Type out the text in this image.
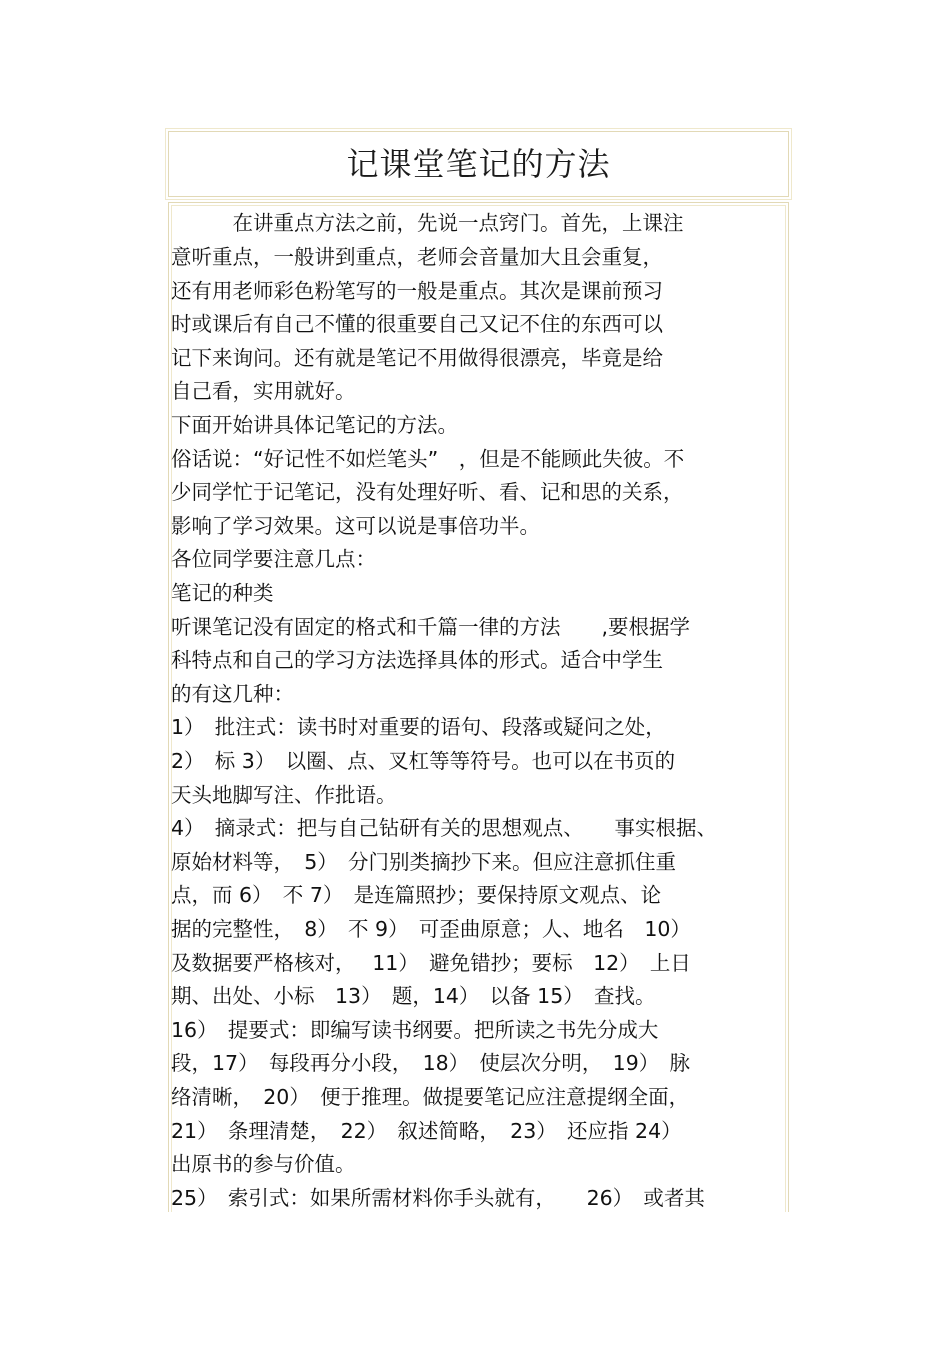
记课堂笔记的方法
　　　在讲重点方法之前，先说一点窍门。首先，上课注
意听重点，一般讲到重点，老师会音量加大且会重复，
还有用老师彩色粉笔写的一般是重点。其次是课前预习
时或课后有自己不懂的很重要自己又记不住的东西可以
记下来询问。还有就是笔记不用做得很漂亮，毕竟是给
自己看，实用就好。
下面开始讲具体记笔记的方法。
俗话说：“好记性不如烂笔头”　，但是不能顾此失彼。不
少同学忙于记笔记，没有处理好听、看、记和思的关系，
影响了学习效果。这可以说是事倍功半。
各位同学要注意几点：
笔记的种类
听课笔记没有固定的格式和千篇一律的方法　　,要根据学
科特点和自己的学习方法选择具体的形式。适合中学生
的有这几种：
1）　批注式：读书时对重要的语句、段落或疑问之处，
2）　标 3）　以圈、点、叉杠等等符号。也可以在书页的
天头地脚写注、作批语。
4）　摘录式：把与自己钻研有关的思想观点、　　事实根据、
原始材料等，　5）　分门别类摘抄下来。但应注意抓住重
点，而 6）　不 7）　是连篇照抄；要保持原文观点、论
据的完整性，　8）　不 9）　可歪曲原意；人、地名　10）
及数据要严格核对，　 11）　避免错抄；要标　12）　上日
期、出处、小标　13）　题，14）　以备 15）　查找。
16）　提要式：即编写读书纲要。把所读之书先分成大
段，17）　每段再分小段，　18）　使层次分明，　19）　脉
络清晰，　20）　便于推理。做提要笔记应注意提纲全面，
21）　条理清楚，　22）　叙述简略，　23）　还应指 24）
出原书的参与价值。
25）　索引式：如果所需材料你手头就有，　　26）　或者其
